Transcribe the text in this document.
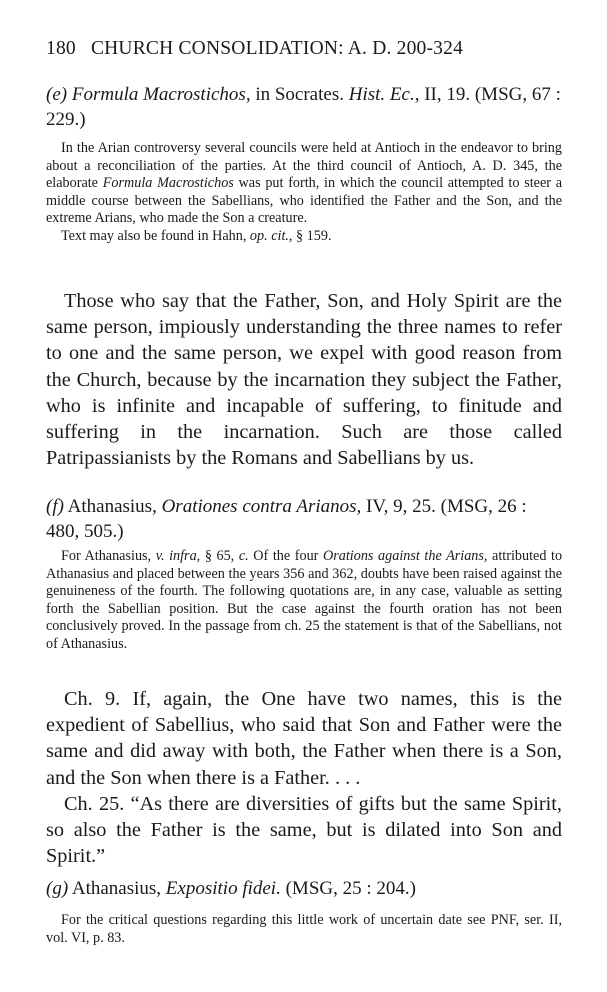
180 CHURCH CONSOLIDATION: A. D. 200-324
(e) Formula Macrostichos, in Socrates. Hist. Ec., II, 19. (MSG, 67 : 229.)

In the Arian controversy several councils were held at Antioch in the endeavor to bring about a reconciliation of the parties. At the third council of Antioch, A. D. 345, the elaborate Formula Macrostichos was put forth, in which the council attempted to steer a middle course between the Sabellians, who identified the Father and the Son, and the extreme Arians, who made the Son a creature.

Text may also be found in Hahn, op. cit., § 159.

Those who say that the Father, Son, and Holy Spirit are the same person, impiously understanding the three names to refer to one and the same person, we expel with good reason from the Church, because by the incarnation they subject the Father, who is infinite and incapable of suffering, to finitude and suffering in the incarnation. Such are those called Patripassianists by the Romans and Sabellians by us.

(f) Athanasius, Orationes contra Arianos, IV, 9, 25. (MSG, 26 : 480, 505.)

For Athanasius, v. infra, § 65, c. Of the four Orations against the Arians, attributed to Athanasius and placed between the years 356 and 362, doubts have been raised against the genuineness of the fourth. The following quotations are, in any case, valuable as setting forth the Sabellian position. But the case against the fourth oration has not been conclusively proved. In the passage from ch. 25 the statement is that of the Sabellians, not of Athanasius.

Ch. 9. If, again, the One have two names, this is the expedient of Sabellius, who said that Son and Father were the same and did away with both, the Father when there is a Son, and the Son when there is a Father. . . .

Ch. 25. “As there are diversities of gifts but the same Spirit, so also the Father is the same, but is dilated into Son and Spirit.”

(g) Athanasius, Expositio fidei. (MSG, 25 : 204.)

For the critical questions regarding this little work of uncertain date see PNF, ser. II, vol. VI, p. 83.
